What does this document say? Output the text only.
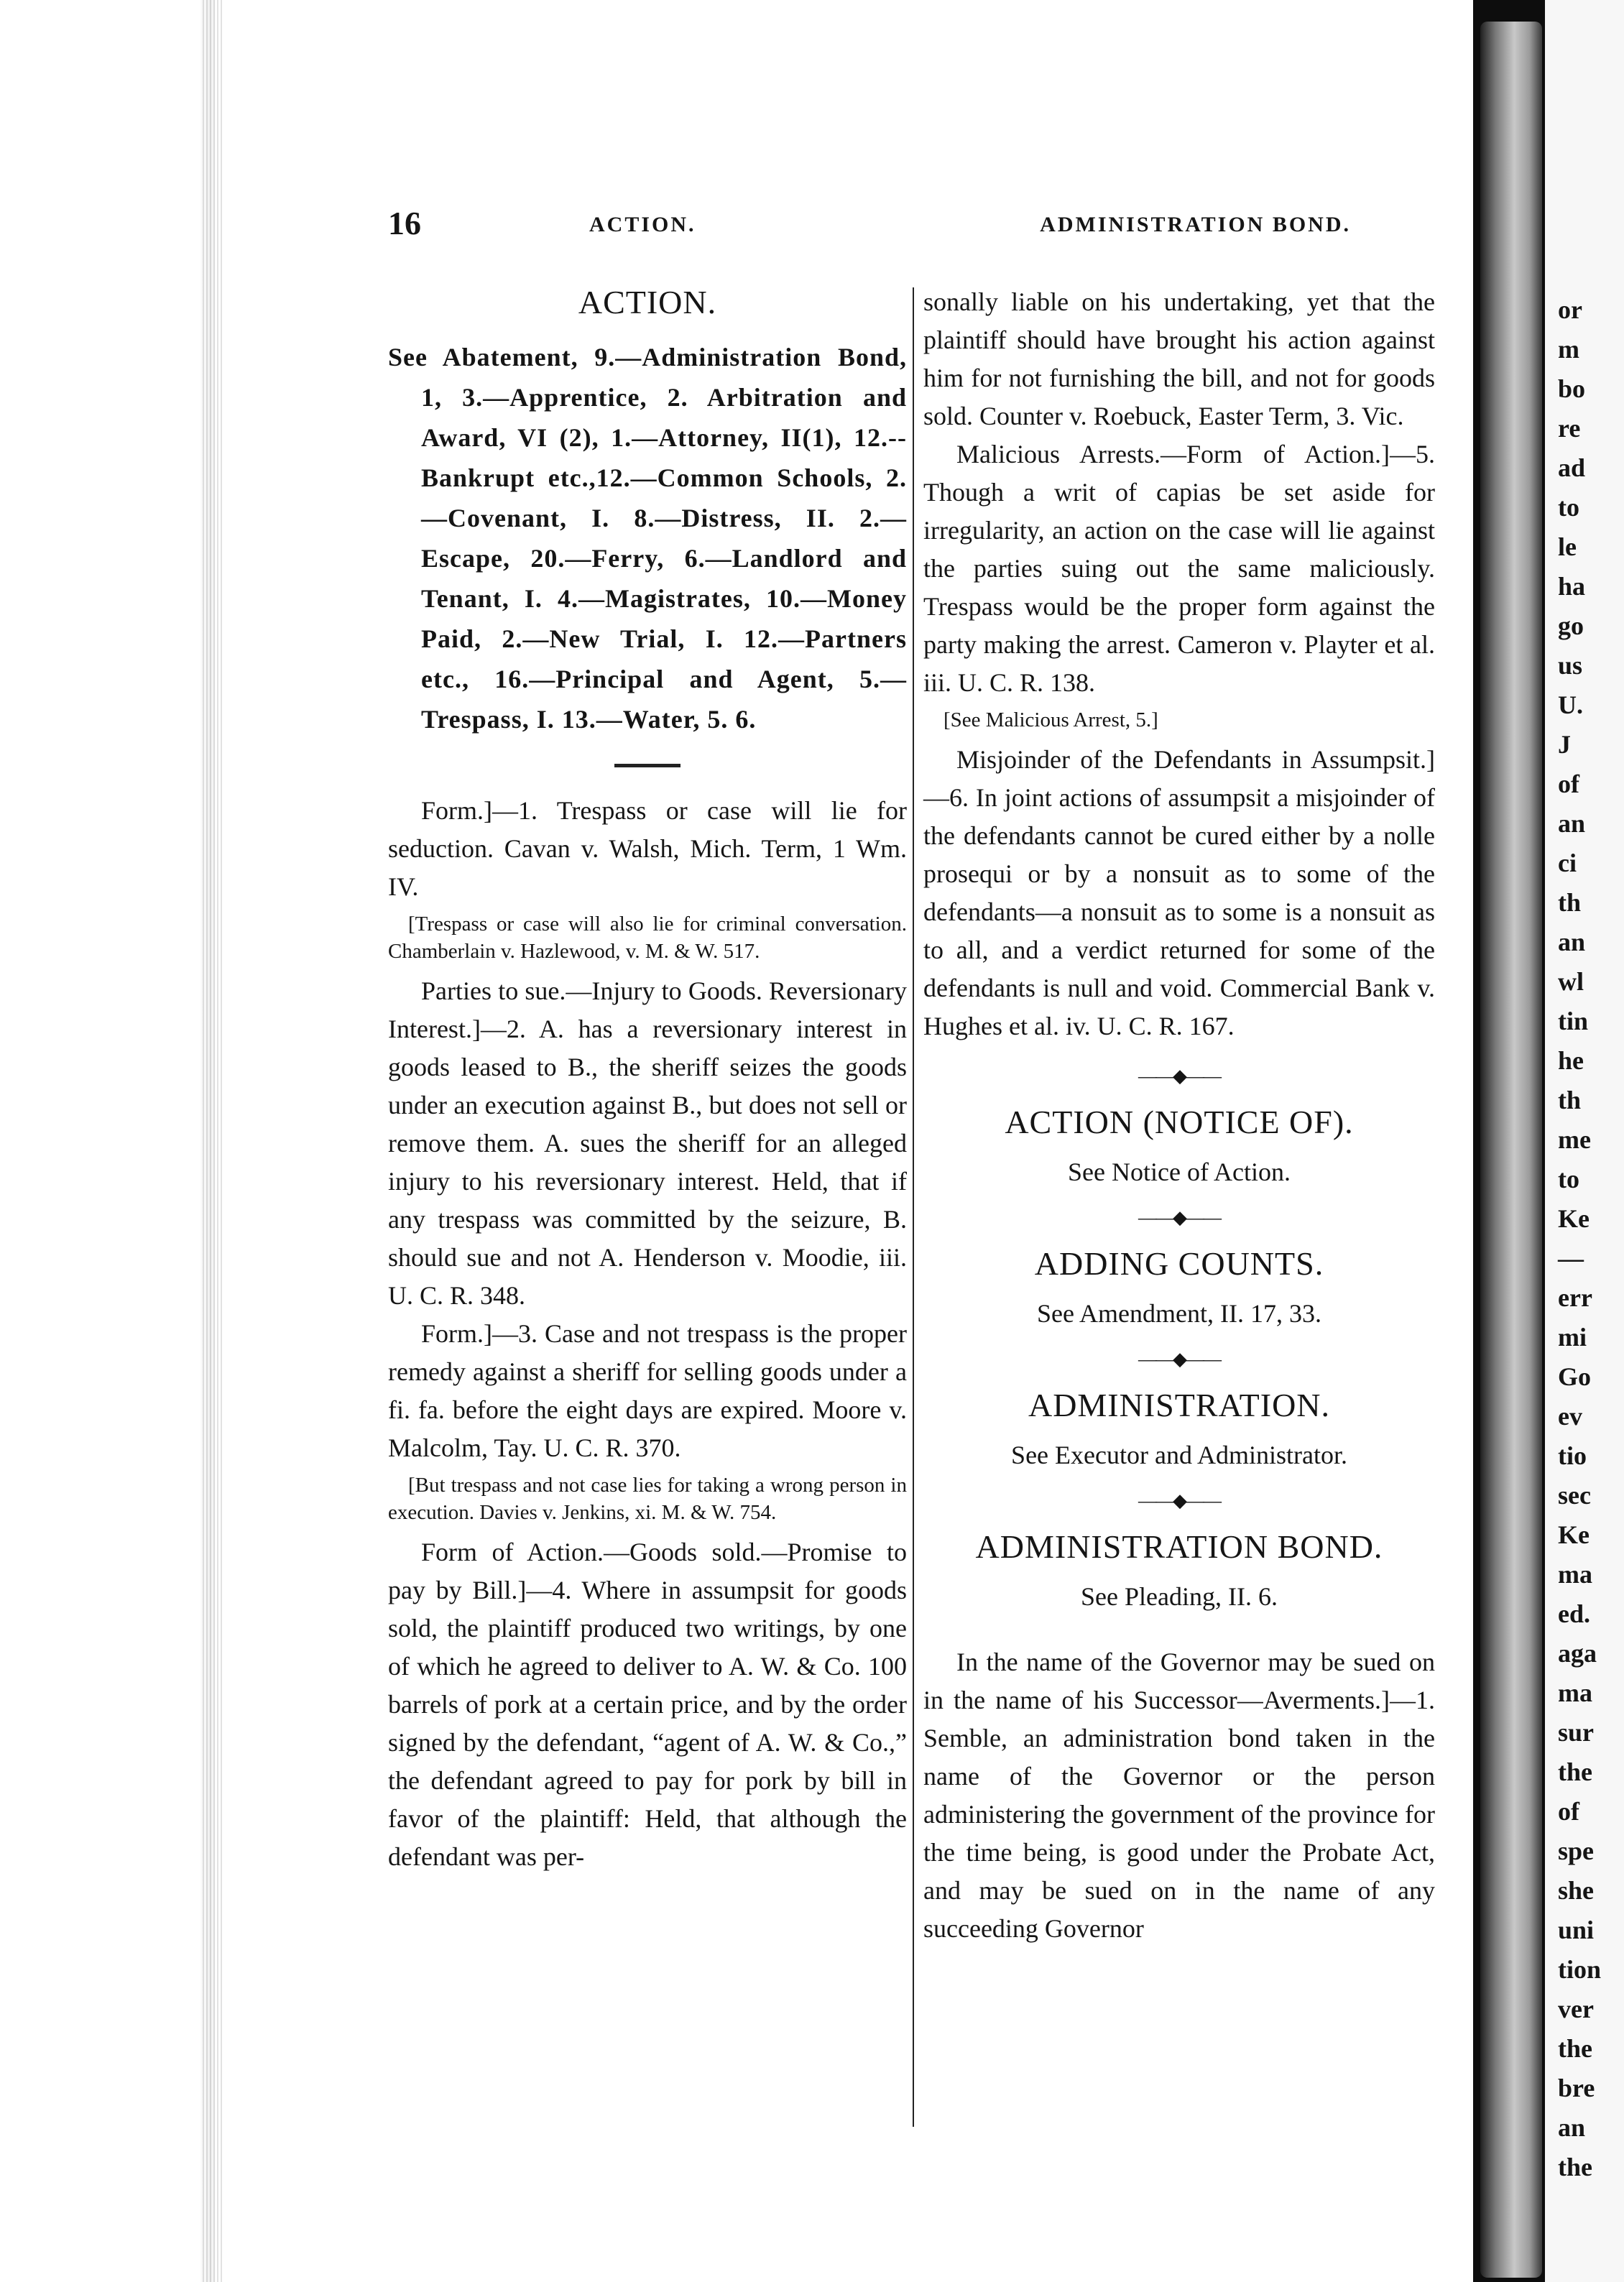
or
m
bo
re
ad
to
le
ha
go
us
U.
J
of
an
ci
th
an
wl
tin
he
th
me
to
Ke
—
err
mi
Go
ev
tio
sec
Ke
ma
ed.
aga
ma
sur
the
of
spe
she
uni
tion
ver
the
bre
an
the
16	ACTION.	ADMINISTRATION BOND.
ACTION.

See Abatement, 9.—Administration Bond, 1, 3.—Apprentice, 2. Arbitration and Award, VI (2), 1.—Attorney, II(1), 12.--Bankrupt etc.,12.—Common Schools, 2.—Covenant, I. 8.—Distress, II. 2.—Escape, 20.—Ferry, 6.—Landlord and Tenant, I. 4.—Magistrates, 10.—Money Paid, 2.—New Trial, I. 12.—Partners etc., 16.—Principal and Agent, 5.—Trespass, I. 13.—Water, 5. 6.

Form.]—1. Trespass or case will lie for seduction. Cavan v. Walsh, Mich. Term, 1 Wm. IV.

[Trespass or case will also lie for criminal conversation. Chamberlain v. Hazlewood, v. M. & W. 517.

Parties to sue.—Injury to Goods. Reversionary Interest.]—2. A. has a reversionary interest in goods leased to B., the sheriff seizes the goods under an execution against B., but does not sell or remove them. A. sues the sheriff for an alleged injury to his reversionary interest. Held, that if any trespass was committed by the seizure, B. should sue and not A. Henderson v. Moodie, iii. U. C. R. 348.

Form.]—3. Case and not trespass is the proper remedy against a sheriff for selling goods under a fi. fa. before the eight days are expired. Moore v. Malcolm, Tay. U. C. R. 370.

[But trespass and not case lies for taking a wrong person in execution. Davies v. Jenkins, xi. M. & W. 754.

Form of Action.—Goods sold.—Promise to pay by Bill.]—4. Where in assumpsit for goods sold, the plaintiff produced two writings, by one of which he agreed to deliver to A. W. & Co. 100 barrels of pork at a certain price, and by the order signed by the defendant, “agent of A. W. & Co.,” the defendant agreed to pay for pork by bill in favor of the plaintiff: Held, that although the defendant was per-

sonally liable on his undertaking, yet that the plaintiff should have brought his action against him for not furnishing the bill, and not for goods sold. Counter v. Roebuck, Easter Term, 3. Vic.

Malicious Arrests.—Form of Action.]—5. Though a writ of capias be set aside for irregularity, an action on the case will lie against the parties suing out the same maliciously. Trespass would be the proper form against the party making the arrest. Cameron v. Playter et al. iii. U. C. R. 138.

[See Malicious Arrest, 5.]

Misjoinder of the Defendants in Assumpsit.]—6. In joint actions of assumpsit a misjoinder of the defendants cannot be cured either by a nolle prosequi or by a nonsuit as to some of the defendants—a nonsuit as to some is a nonsuit as to all, and a verdict returned for some of the defendants is null and void. Commercial Bank v. Hughes et al. iv. U. C. R. 167.

——◆——
ACTION (NOTICE OF).

See Notice of Action.

——◆——
ADDING COUNTS.

See Amendment, II. 17, 33.

——◆——
ADMINISTRATION.

See Executor and Administrator.

——◆——
ADMINISTRATION BOND.

See Pleading, II. 6.

In the name of the Governor may be sued on in the name of his Successor—Averments.]—1. Semble, an administration bond taken in the name of the Governor or the person administering the government of the province for the time being, is good under the Probate Act, and may be sued on in the name of any succeeding Governor
